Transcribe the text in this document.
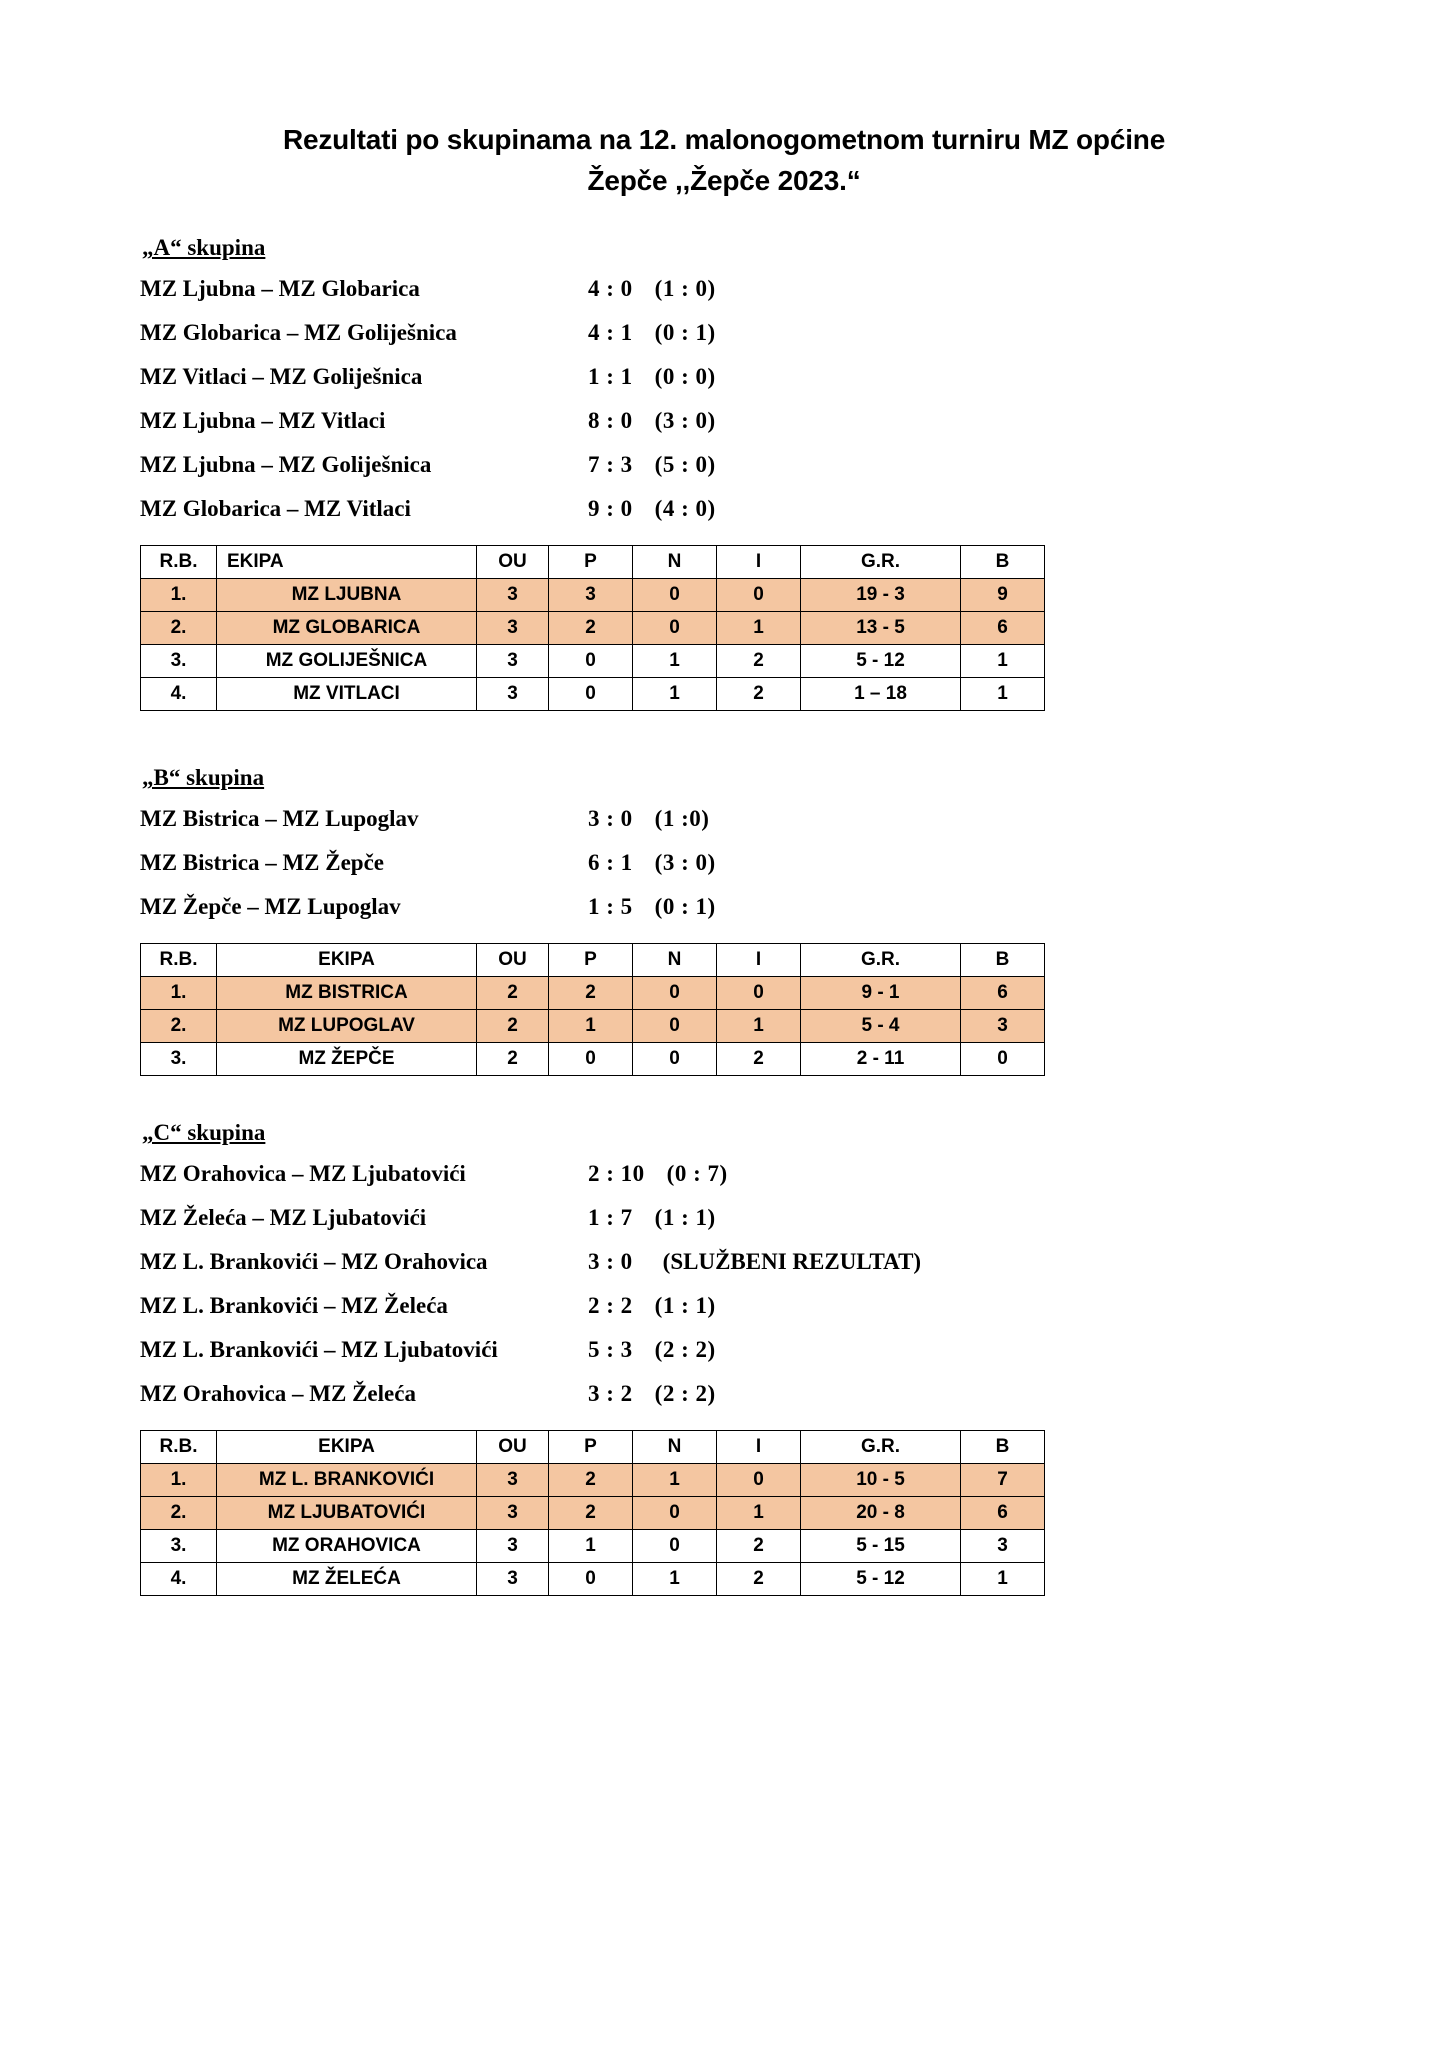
Rezultati po skupinama na 12. malonogometnom turniru MZ općine
Žepče ,,Žepče 2023.“
„A“ skupina
MZ Ljubna – MZ Globarica	4 : 0 (1 : 0)
MZ Globarica – MZ Goliješnica	4 : 1 (0 : 1)
MZ Vitlaci – MZ Goliješnica	1 : 1 (0 : 0)
MZ Ljubna – MZ Vitlaci	8 : 0 (3 : 0)
MZ Ljubna – MZ Goliješnica	7 : 3 (5 : 0)
MZ Globarica – MZ Vitlaci	9 : 0 (4 : 0)
R.B.	EKIPA	OU	P	N	I	G.R.	B
1.	MZ LJUBNA	3	3	0	0	19 - 3	9
2.	MZ GLOBARICA	3	2	0	1	13 - 5	6
3.	MZ GOLIJEŠNICA	3	0	1	2	5 - 12	1
4.	MZ VITLACI	3	0	1	2	1 – 18	1
„B“ skupina
MZ Bistrica – MZ Lupoglav	3 : 0 (1 :0)
MZ Bistrica – MZ Žepče	6 : 1 (3 : 0)
MZ Žepče – MZ Lupoglav	1 : 5 (0 : 1)
R.B.	EKIPA	OU	P	N	I	G.R.	B
1.	MZ BISTRICA	2	2	0	0	9 - 1	6
2.	MZ LUPOGLAV	2	1	0	1	5 - 4	3
3.	MZ ŽEPČE	2	0	0	2	2 - 11	0
„C“ skupina
MZ Orahovica – MZ Ljubatovići	2 : 10 (0 : 7)
MZ Želeća – MZ Ljubatovići	1 : 7 (1 : 1)
MZ L. Brankovići – MZ Orahovica	3 : 0 (SLUŽBENI REZULTAT)
MZ L. Brankovići – MZ Želeća	2 : 2 (1 : 1)
MZ L. Brankovići – MZ Ljubatovići	5 : 3 (2 : 2)
MZ Orahovica – MZ Želeća	3 : 2 (2 : 2)
R.B.	EKIPA	OU	P	N	I	G.R.	B
1.	MZ L. BRANKOVIĆI	3	2	1	0	10 - 5	7
2.	MZ LJUBATOVIĆI	3	2	0	1	20 - 8	6
3.	MZ ORAHOVICA	3	1	0	2	5 - 15	3
4.	MZ ŽELEĆA	3	0	1	2	5 - 12	1
